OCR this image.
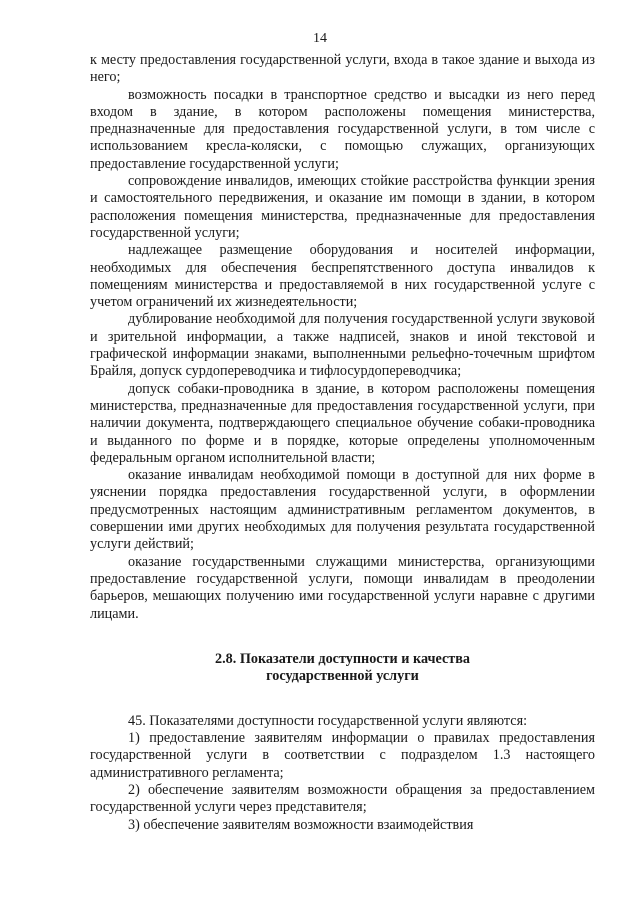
14

к месту предоставления государственной услуги, входа в такое здание и выхода из него;

возможность посадки в транспортное средство и высадки из него перед входом в здание, в котором расположены помещения министерства, предназначенные для предоставления государственной услуги, в том числе с использованием кресла-коляски, с помощью служащих, организующих предоставление государственной услуги;

сопровождение инвалидов, имеющих стойкие расстройства функции зрения и самостоятельного передвижения, и оказание им помощи в здании, в котором расположения помещения министерства, предназначенные для предоставления государственной услуги;

надлежащее размещение оборудования и носителей информации, необходимых для обеспечения беспрепятственного доступа инвалидов к помещениям министерства и предоставляемой в них государственной услуге с учетом ограничений их жизнедеятельности;

дублирование необходимой для получения государственной услуги звуковой и зрительной информации, а также надписей, знаков и иной текстовой и графической информации знаками, выполненными рельефно-точечным шрифтом Брайля, допуск сурдопереводчика и тифлосурдопереводчика;

допуск собаки-проводника в здание, в котором расположены помещения министерства, предназначенные для предоставления государственной услуги, при наличии документа, подтверждающего специальное обучение собаки-проводника и выданного по форме и в порядке, которые определены уполномоченным федеральным органом исполнительной власти;

оказание инвалидам необходимой помощи в доступной для них форме в уяснении порядка предоставления государственной услуги, в оформлении предусмотренных настоящим административным регламентом документов, в совершении ими других необходимых для получения результата государственной услуги действий;

оказание государственными служащими министерства, организующими предоставление государственной услуги, помощи инвалидам в преодолении барьеров, мешающих получению ими государственной услуги наравне с другими лицами.

2.8. Показатели доступности и качества
государственной услуги

45. Показателями доступности государственной услуги являются:

1) предоставление заявителям информации о правилах предоставления государственной услуги в соответствии с подразделом 1.3 настоящего административного регламента;

2) обеспечение заявителям возможности обращения за предоставлением государственной услуги через представителя;

3) обеспечение заявителям возможности взаимодействия
